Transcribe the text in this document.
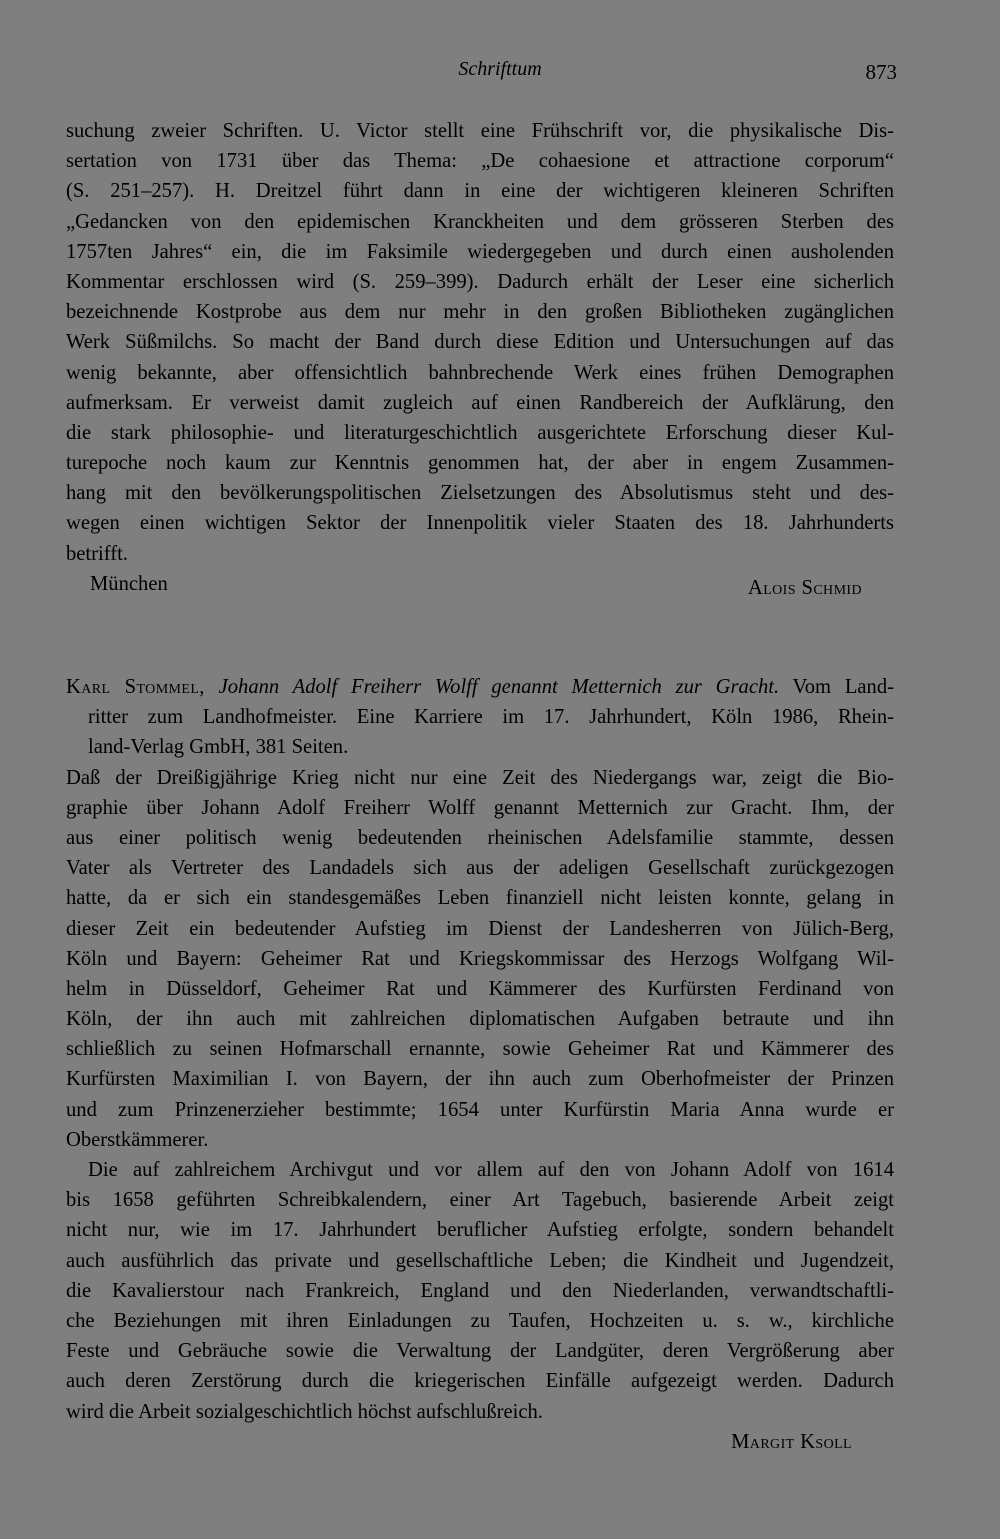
Schrifttum	873
suchung zweier Schriften. U. Victor stellt eine Frühschrift vor, die physikalische Dis-
sertation von 1731 über das Thema: „De cohaesione et attractione corporum“
(S. 251–257). H. Dreitzel führt dann in eine der wichtigeren kleineren Schriften
„Gedancken von den epidemischen Kranckheiten und dem grösseren Sterben des
1757ten Jahres“ ein, die im Faksimile wiedergegeben und durch einen ausholenden
Kommentar erschlossen wird (S. 259–399). Dadurch erhält der Leser eine sicherlich
bezeichnende Kostprobe aus dem nur mehr in den großen Bibliotheken zugänglichen
Werk Süßmilchs. So macht der Band durch diese Edition und Untersuchungen auf das
wenig bekannte, aber offensichtlich bahnbrechende Werk eines frühen Demographen
aufmerksam. Er verweist damit zugleich auf einen Randbereich der Aufklärung, den
die stark philosophie- und literaturgeschichtlich ausgerichtete Erforschung dieser Kul-
turepoche noch kaum zur Kenntnis genommen hat, der aber in engem Zusammen-
hang mit den bevölkerungspolitischen Zielsetzungen des Absolutismus steht und des-
wegen einen wichtigen Sektor der Innenpolitik vieler Staaten des 18. Jahrhunderts
betrifft.
München	Alois Schmid
Karl Stommel, Johann Adolf Freiherr Wolff genannt Metternich zur Gracht. Vom Land-
ritter zum Landhofmeister. Eine Karriere im 17. Jahrhundert, Köln 1986, Rhein-
land-Verlag GmbH, 381 Seiten.
Daß der Dreißigjährige Krieg nicht nur eine Zeit des Niedergangs war, zeigt die Bio-
graphie über Johann Adolf Freiherr Wolff genannt Metternich zur Gracht. Ihm, der
aus einer politisch wenig bedeutenden rheinischen Adelsfamilie stammte, dessen
Vater als Vertreter des Landadels sich aus der adeligen Gesellschaft zurückgezogen
hatte, da er sich ein standesgemäßes Leben finanziell nicht leisten konnte, gelang in
dieser Zeit ein bedeutender Aufstieg im Dienst der Landesherren von Jülich-Berg,
Köln und Bayern: Geheimer Rat und Kriegskommissar des Herzogs Wolfgang Wil-
helm in Düsseldorf, Geheimer Rat und Kämmerer des Kurfürsten Ferdinand von
Köln, der ihn auch mit zahlreichen diplomatischen Aufgaben betraute und ihn
schließlich zu seinen Hofmarschall ernannte, sowie Geheimer Rat und Kämmerer des
Kurfürsten Maximilian I. von Bayern, der ihn auch zum Oberhofmeister der Prinzen
und zum Prinzenerzieher bestimmte; 1654 unter Kurfürstin Maria Anna wurde er
Oberstkämmerer.
Die auf zahlreichem Archivgut und vor allem auf den von Johann Adolf von 1614
bis 1658 geführten Schreibkalendern, einer Art Tagebuch, basierende Arbeit zeigt
nicht nur, wie im 17. Jahrhundert beruflicher Aufstieg erfolgte, sondern behandelt
auch ausführlich das private und gesellschaftliche Leben; die Kindheit und Jugendzeit,
die Kavalierstour nach Frankreich, England und den Niederlanden, verwandtschaftli-
che Beziehungen mit ihren Einladungen zu Taufen, Hochzeiten u. s. w., kirchliche
Feste und Gebräuche sowie die Verwaltung der Landgüter, deren Vergrößerung aber
auch deren Zerstörung durch die kriegerischen Einfälle aufgezeigt werden. Dadurch
wird die Arbeit sozialgeschichtlich höchst aufschlußreich.
Margit Ksoll
